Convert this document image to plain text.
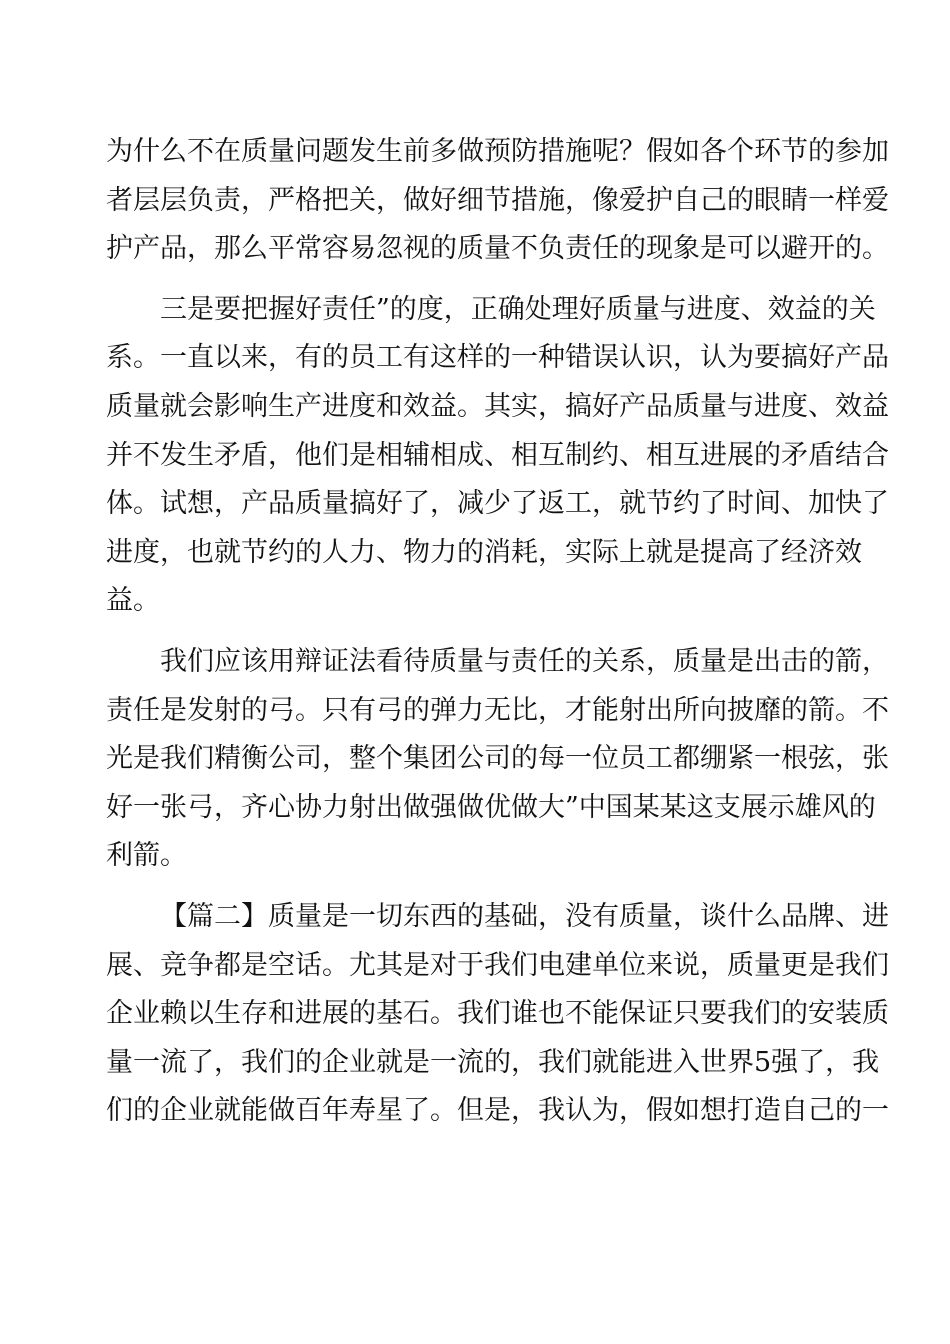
为什么不在质量问题发生前多做预防措施呢？假如各个环节的参加
者层层负责，严格把关，做好细节措施，像爱护自己的眼睛一样爱
护产品，那么平常容易忽视的质量不负责任的现象是可以避开的。
三是要把握好责任”的度，正确处理好质量与进度、效益的关
系。一直以来，有的员工有这样的一种错误认识，认为要搞好产品
质量就会影响生产进度和效益。其实，搞好产品质量与进度、效益
并不发生矛盾，他们是相辅相成、相互制约、相互进展的矛盾结合
体。试想，产品质量搞好了，减少了返工，就节约了时间、加快了
进度，也就节约的人力、物力的消耗，实际上就是提高了经济效
益。
我们应该用辩证法看待质量与责任的关系，质量是出击的箭，
责任是发射的弓。只有弓的弹力无比，才能射出所向披靡的箭。不
光是我们精衡公司，整个集团公司的每一位员工都绷紧一根弦，张
好一张弓，齐心协力射出做强做优做大”中国某某这支展示雄风的
利箭。
【篇二】质量是一切东西的基础，没有质量，谈什么品牌、进
展、竞争都是空话。尤其是对于我们电建单位来说，质量更是我们
企业赖以生存和进展的基石。我们谁也不能保证只要我们的安装质
量一流了，我们的企业就是一流的，我们就能进入世界5强了，我
们的企业就能做百年寿星了。但是，我认为，假如想打造自己的一
